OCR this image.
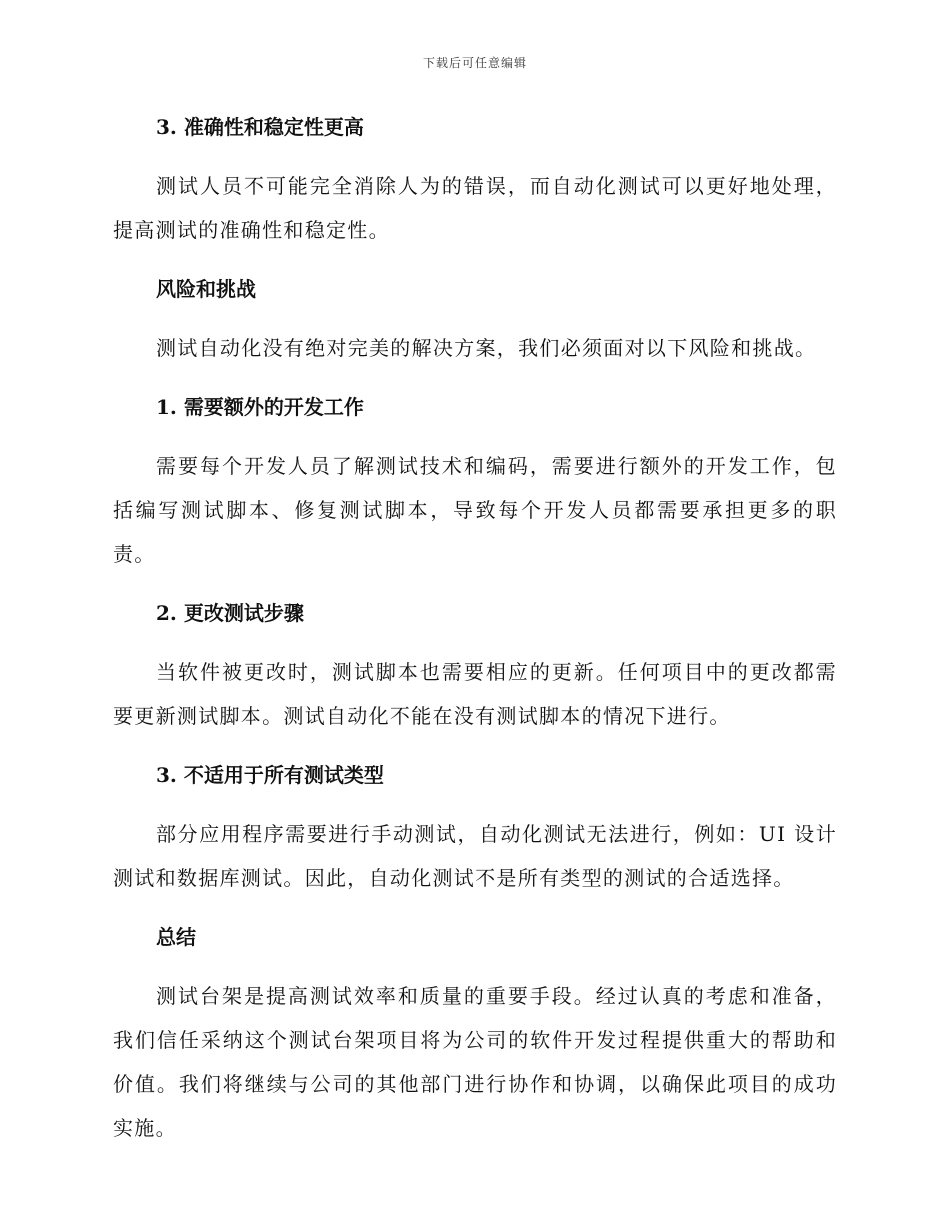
下载后可任意编辑
3. 准确性和稳定性更高
测试人员不可能完全消除人为的错误，而自动化测试可以更好地处理，提高测试的准确性和稳定性。
风险和挑战
测试自动化没有绝对完美的解决方案，我们必须面对以下风险和挑战。
1. 需要额外的开发工作
需要每个开发人员了解测试技术和编码，需要进行额外的开发工作，包括编写测试脚本、修复测试脚本，导致每个开发人员都需要承担更多的职责。
2. 更改测试步骤
当软件被更改时，测试脚本也需要相应的更新。任何项目中的更改都需要更新测试脚本。测试自动化不能在没有测试脚本的情况下进行。
3. 不适用于所有测试类型
部分应用程序需要进行手动测试，自动化测试无法进行，例如：UI 设计测试和数据库测试。因此，自动化测试不是所有类型的测试的合适选择。
总结
测试台架是提高测试效率和质量的重要手段。经过认真的考虑和准备，我们信任采纳这个测试台架项目将为公司的软件开发过程提供重大的帮助和价值。我们将继续与公司的其他部门进行协作和协调，以确保此项目的成功实施。
